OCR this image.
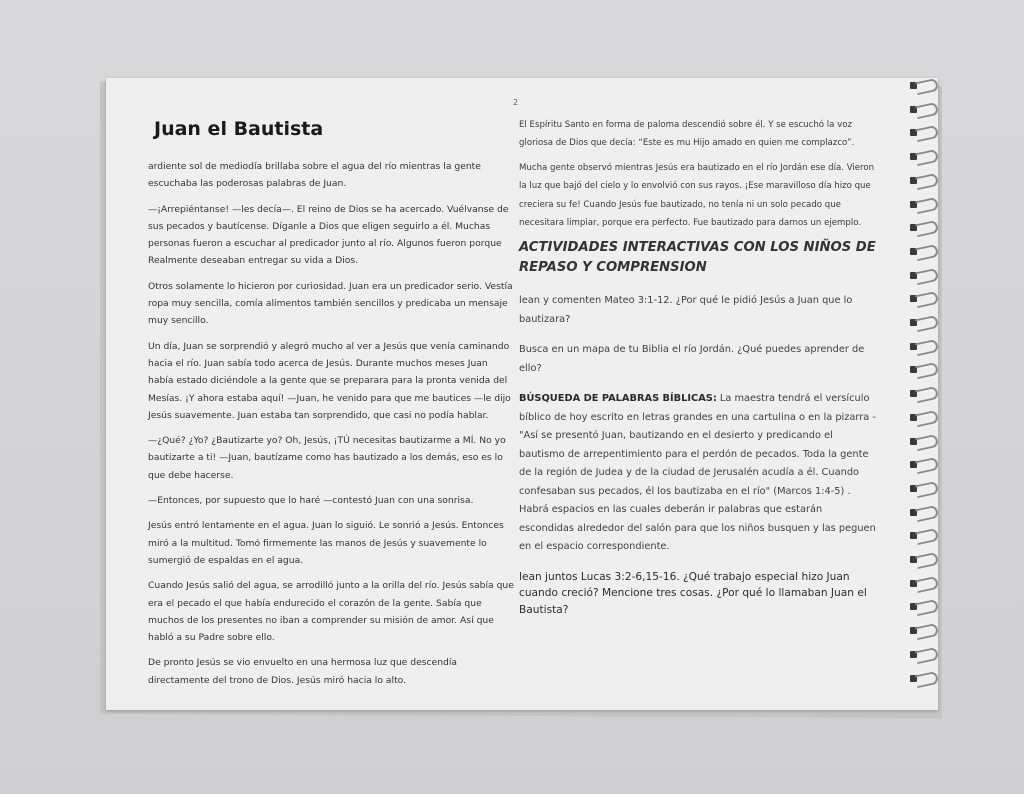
2
Juan el Bautista

ardiente sol de mediodía brillaba sobre el agua del río mientras la gente escuchaba las poderosas palabras de Juan.

—¡Arrepiéntanse! —les decía—. El reino de Dios se ha acercado. Vuélvanse de sus pecados y bautícense. Díganle a Dios que eligen seguirlo a él. Muchas personas fueron a escuchar al predicador junto al río. Algunos fueron porque Realmente deseaban entregar su vida a Dios.

Otros solamente lo hicieron por curiosidad. Juan era un predicador serio. Vestía ropa muy sencilla, comía alimentos también sencillos y predicaba un mensaje muy sencillo.

Un día, Juan se sorprendió y alegró mucho al ver a Jesús que venía caminando hacia el río. Juan sabía todo acerca de Jesús. Durante muchos meses Juan había estado diciéndole a la gente que se preparara para la pronta venida del Mesías. ¡Y ahora estaba aquí! —Juan, he venido para que me bautices —le dijo Jesús suavemente. Juan estaba tan sorprendido, que casi no podía hablar.

—¿Qué? ¿Yo? ¿Bautizarte yo? Oh, Jesús, ¡TÚ necesitas bautizarme a MÍ. No yo bautizarte a ti! —Juan, bautízame como has bautizado a los demás, eso es lo que debe hacerse.

—Entonces, por supuesto que lo haré —contestó Juan con una sonrisa.

Jesús entró lentamente en el agua. Juan lo siguió. Le sonrió a Jesús. Entonces miró a la multitud. Tomó firmemente las manos de Jesús y suavemente lo sumergió de espaldas en el agua.

Cuando Jesús salió del agua, se arrodilló junto a la orilla del río. Jesús sabía que era el pecado el que había endurecido el corazón de la gente. Sabía que muchos de los presentes no iban a comprender su misión de amor. Así que habló a su Padre sobre ello.

De pronto Jesús se vio envuelto en una hermosa luz que descendía directamente del trono de Dios. Jesús miró hacia lo alto.

El Espíritu Santo en forma de paloma descendió sobre él. Y se escuchó la voz gloriosa de Dios que decía: “Este es mu Hijo amado en quien me complazco”.

Mucha gente observó mientras Jesús era bautizado en el río Jordán ese día. Vieron la luz que bajó del cielo y lo envolvió con sus rayos. ¡Ese maravilloso día hizo que creciera su fe! Cuando Jesús fue bautizado, no tenía ni un solo pecado que necesitara limpiar, porque era perfecto. Fue bautizado para darnos un ejemplo.

ACTIVIDADES INTERACTIVAS CON LOS NIÑOS DE REPASO Y COMPRENSION

lean y comenten Mateo 3:1-12. ¿Por qué le pidió Jesús a Juan que lo bautizara?

Busca en un mapa de tu Biblia el río Jordán. ¿Qué puedes aprender de ello?

BÚSQUEDA DE PALABRAS BÍBLICAS: La maestra tendrá el versículo bíblico de hoy escrito en letras grandes en una cartulina o en la pizarra - "Así se presentó Juan, bautizando en el desierto y predicando el bautismo de arrepentimiento para el perdón de pecados. Toda la gente de la región de Judea y de la ciudad de Jerusalén acudía a él. Cuando confesaban sus pecados, él los bautizaba en el río" (Marcos 1:4-5) . Habrá espacios en las cuales deberán ir palabras que estarán escondidas alrededor del salón para que los niños busquen y las peguen en el espacio correspondiente.

lean juntos Lucas 3:2-6,15-16. ¿Qué trabajo especial hizo Juan cuando creció? Mencione tres cosas. ¿Por qué lo llamaban Juan el Bautista?
